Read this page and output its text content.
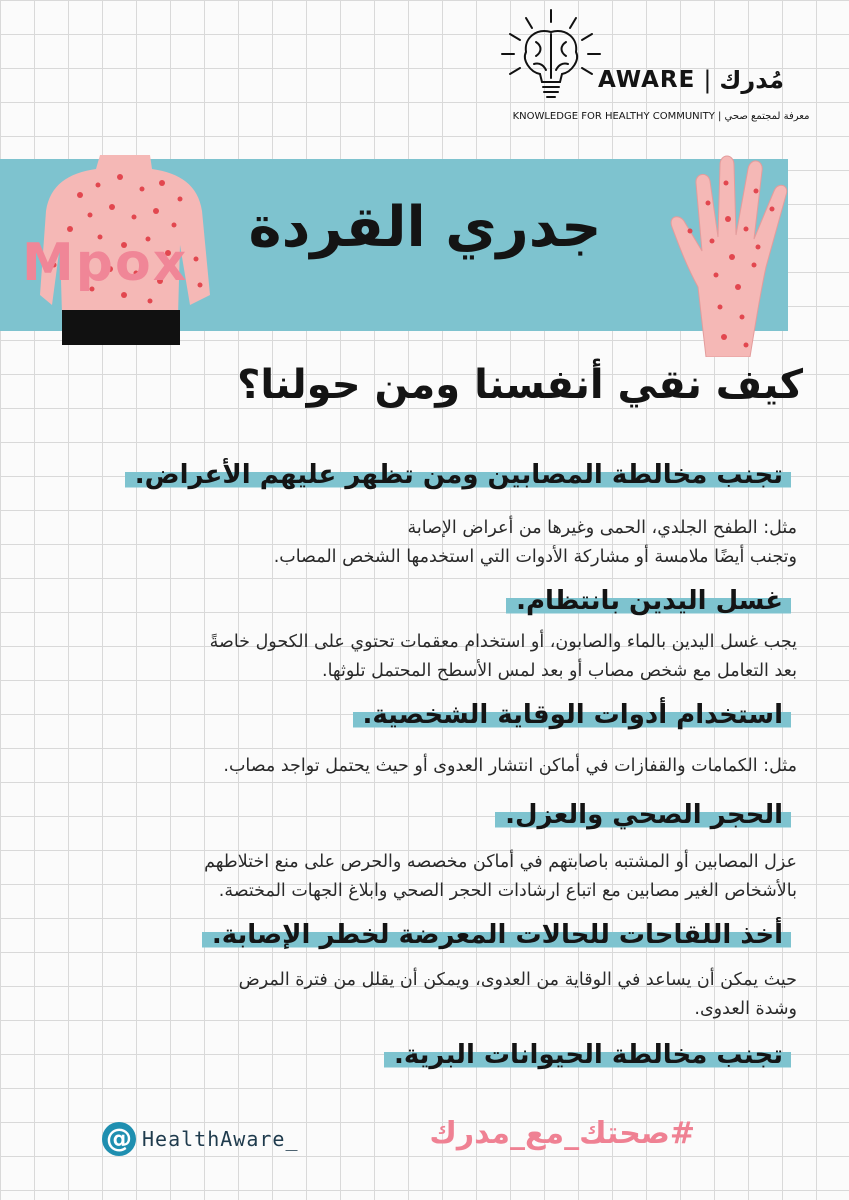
AWARE | مُدرك
KNOWLEDGE FOR HEALTHY COMMUNITY | معرفة لمجتمع صحي
Mpox
جدري القردة
كيف نقي أنفسنا ومن حولنا؟
تجنب مخالطة المصابين ومن تظهر عليهم الأعراض.
مثل: الطفح الجلدي، الحمى وغيرها من أعراض الإصابة
وتجنب أيضًا ملامسة أو مشاركة الأدوات التي استخدمها الشخص المصاب.
غسل اليدين بانتظام.
يجب غسل اليدين بالماء والصابون، أو استخدام معقمات تحتوي على الكحول خاصةً
بعد التعامل مع شخص مصاب أو بعد لمس الأسطح المحتمل تلوثها.
استخدام أدوات الوقاية الشخصية.
مثل: الكمامات والقفازات في أماكن انتشار العدوى أو حيث يحتمل تواجد مصاب.
الحجر الصحي والعزل.
عزل المصابين أو المشتبه باصابتهم في أماكن مخصصه والحرص على منع اختلاطهم
بالأشخاص الغير مصابين مع اتباع ارشادات الحجر الصحي وابلاغ الجهات المختصة.
أخذ اللقاحات للحالات المعرضة لخطر الإصابة.
حيث يمكن أن يساعد في الوقاية من العدوى، ويمكن أن يقلل من فترة المرض
وشدة العدوى.
تجنب مخالطة الحيوانات البرية.
@ HealthAware_	#صحتك_مع_مدرك
